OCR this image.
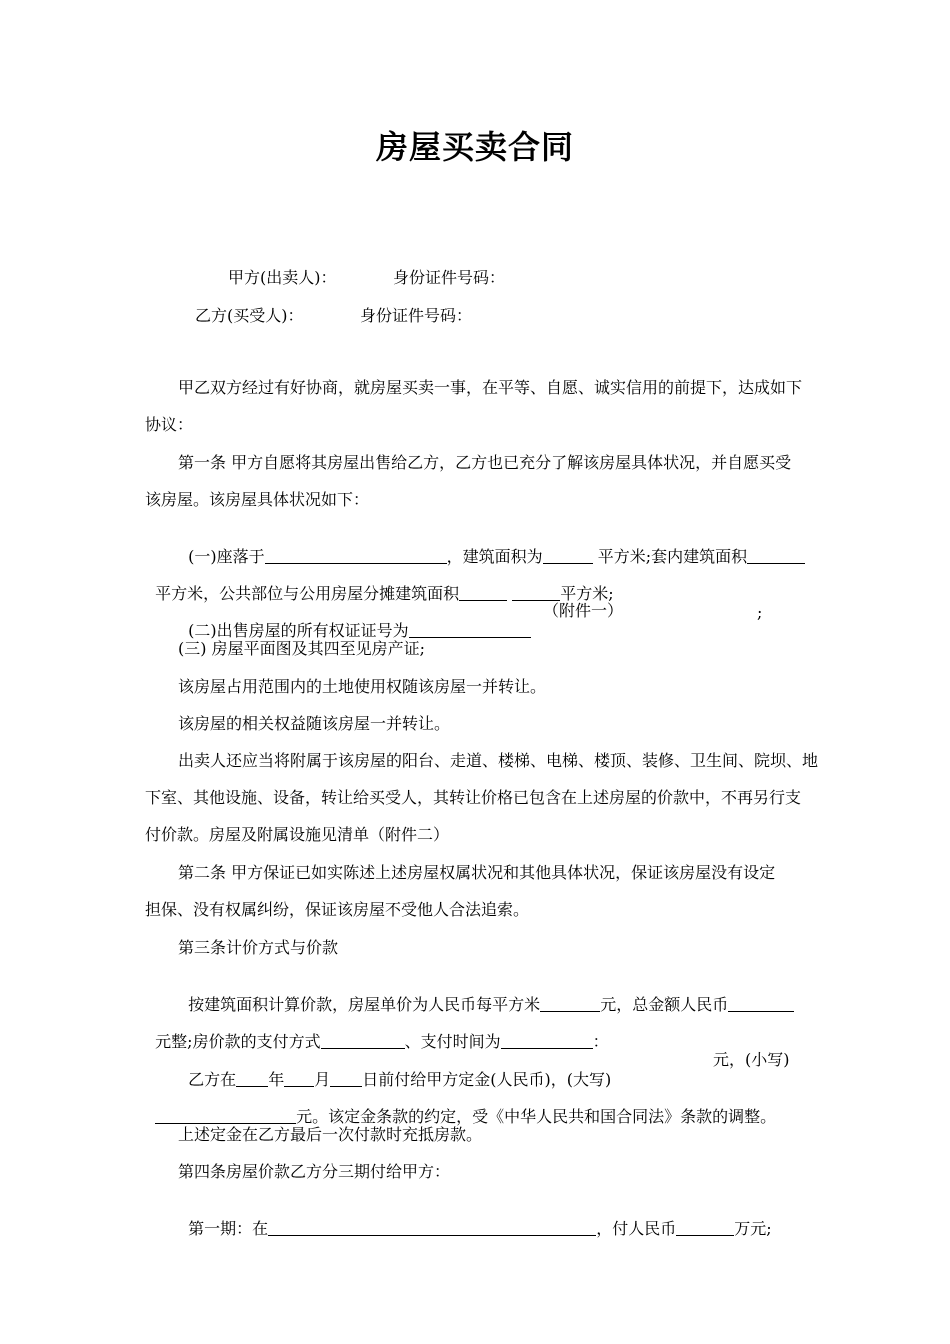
房屋买卖合同
甲方(出卖人)：	身份证件号码：
乙方(买受人)：	身份证件号码：
甲乙双方经过有好协商，就房屋买卖一事，在平等、自愿、诚实信用的前提下，达成如下
协议：
第一条 甲方自愿将其房屋出售给乙方，乙方也已充分了解该房屋具体状况，并自愿买受
该房屋。该房屋具体状况如下：

(一)座落于	，建筑面积为	平方米;套内建筑面积

平方米，公共部位与公用房屋分摊建筑面积	平方米;

(二)出售房屋的所有权证证号为

（附件一）	;
(三) 房屋平面图及其四至见房产证;
该房屋占用范围内的土地使用权随该房屋一并转让。
该房屋的相关权益随该房屋一并转让。
出卖人还应当将附属于该房屋的阳台、走道、楼梯、电梯、楼顶、装修、卫生间、院坝、地
下室、其他设施、设备，转让给买受人，其转让价格已包含在上述房屋的价款中，不再另行支
付价款。房屋及附属设施见清单（附件二）
第二条 甲方保证已如实陈述上述房屋权属状况和其他具体状况，保证该房屋没有设定
担保、没有权属纠纷，保证该房屋不受他人合法追索。
第三条计价方式与价款

按建筑面积计算价款，房屋单价为人民币每平方米	元，总金额人民币

元整;房价款的支付方式	、支付时间为	：

乙方在 年 月 日前付给甲方定金(人民币)，(大写)

元，(小写)

元。该定金条款的约定，受《中华人民共和国合同法》条款的调整。

上述定金在乙方最后一次付款时充抵房款。
第四条房屋价款乙方分三期付给甲方：

第一期：在	，付人民币	万元;
